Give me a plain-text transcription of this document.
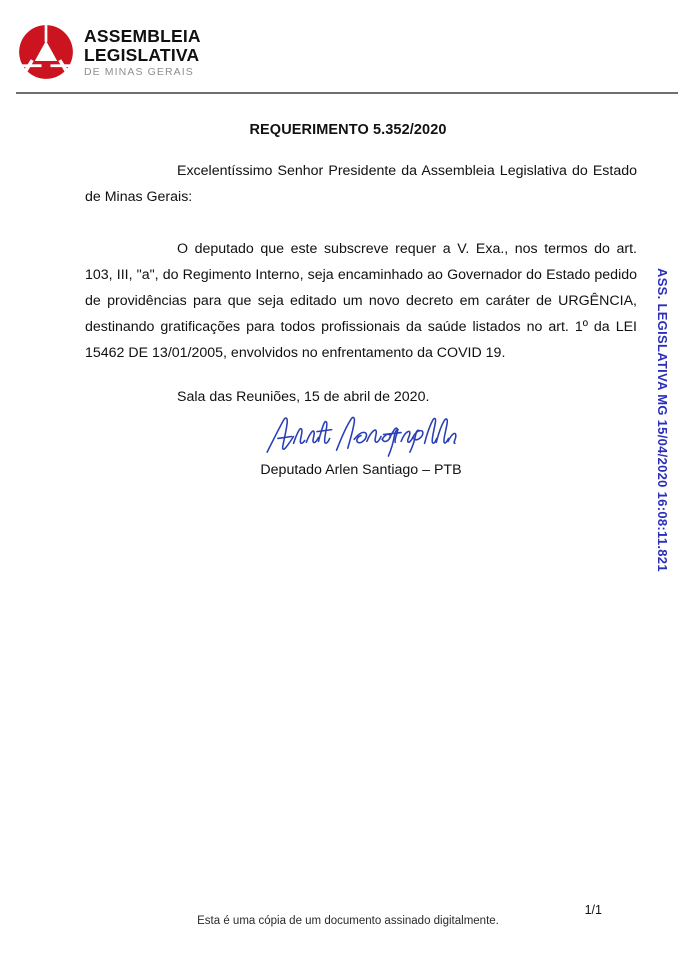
ASSEMBLEIA
LEGISLATIVA
DE MINAS GERAIS
REQUERIMENTO 5.352/2020

Excelentíssimo Senhor Presidente da Assembleia Legislativa do Estado de Minas Gerais:

O deputado que este subscreve requer a V. Exa., nos termos do art. 103, III, "a", do Regimento Interno, seja encaminhado ao Governador do Estado pedido de providências para que seja editado um novo decreto em caráter de URGÊNCIA, destinando gratificações para todos profissionais da saúde listados no art. 1º da LEI 15462 DE 13/01/2005, envolvidos no enfrentamento da COVID 19.

Sala das Reuniões, 15 de abril de 2020.
Deputado Arlen Santiago – PTB	ASS. LEGISLATIVA MG 15/04/2020 16:08:11.821
1/1
Esta é uma cópia de um documento assinado digitalmente.
